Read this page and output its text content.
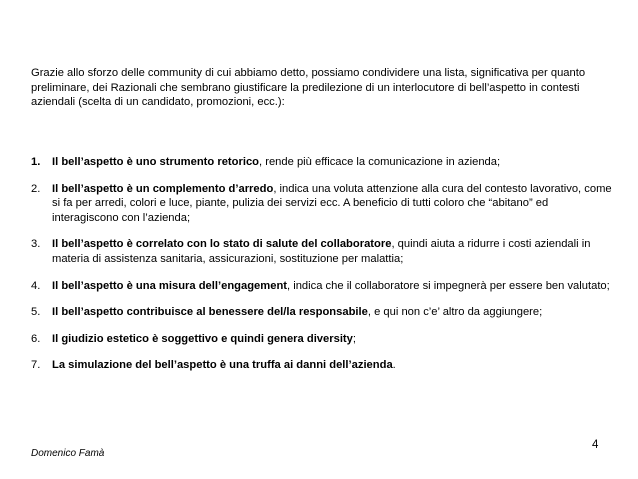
Grazie allo sforzo delle community di cui abbiamo detto, possiamo condividere una lista, significativa per quanto preliminare, dei Razionali che sembrano giustificare la predilezione di un interlocutore di bell’aspetto in contesti aziendali (scelta di un candidato, promozioni, ecc.):

1. Il bell’aspetto è uno strumento retorico, rende più efficace la comunicazione in azienda;
2. Il bell’aspetto è un complemento d’arredo, indica una voluta attenzione alla cura del contesto lavorativo, come si fa per arredi, colori e luce, piante, pulizia dei servizi ecc. A beneficio di tutti coloro che “abitano” ed interagiscono con l’azienda;
3. Il bell’aspetto è correlato con lo stato di salute del collaboratore, quindi aiuta a ridurre i costi aziendali in materia di assistenza sanitaria, assicurazioni, sostituzione per malattia;
4. Il bell’aspetto è una misura dell’engagement, indica che il collaboratore si impegnerà per essere ben valutato;
5. Il bell’aspetto contribuisce al benessere del/la responsabile, e qui non c’e’ altro da aggiungere;
6. Il giudizio estetico è soggettivo e quindi genera diversity;
7. La simulazione del bell’aspetto è una truffa ai danni dell’azienda.

4

Domenico Famà
